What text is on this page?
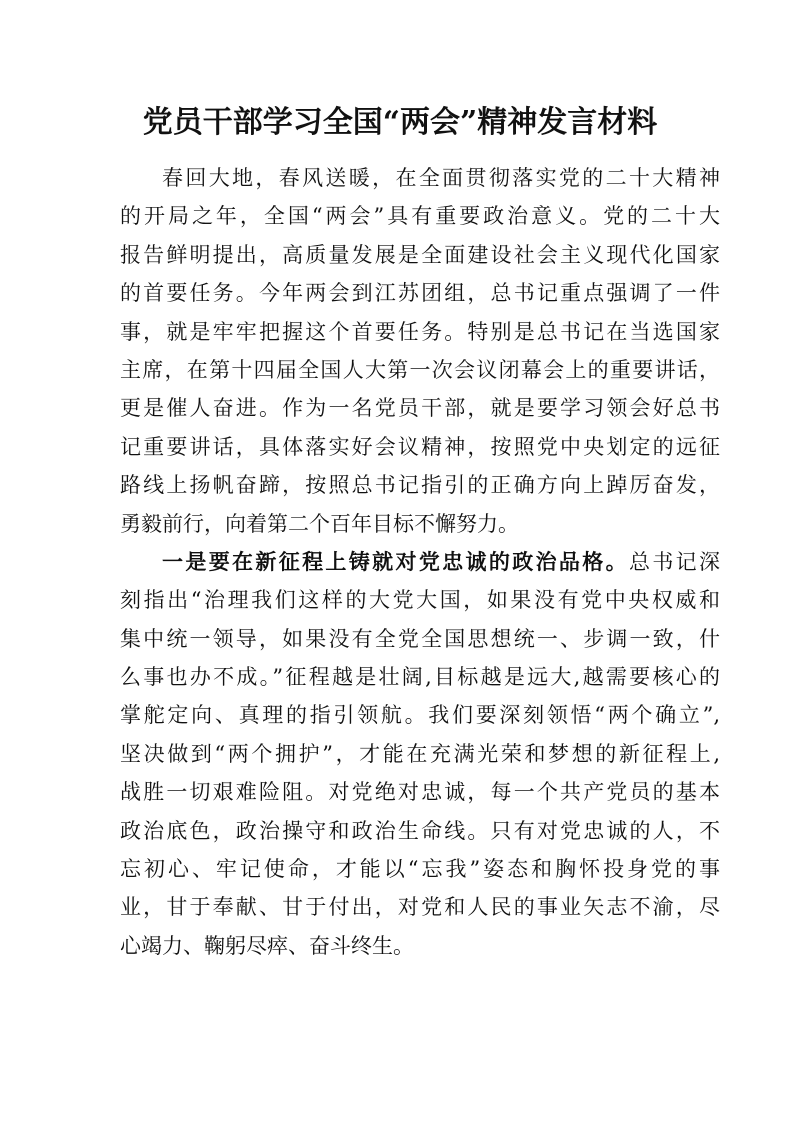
党员干部学习全国“两会”精神发言材料
春回大地，春风送暖，在全面贯彻落实党的二十大精神
的开局之年，全国“两会”具有重要政治意义。党的二十大
报告鲜明提出，高质量发展是全面建设社会主义现代化国家
的首要任务。今年两会到江苏团组，总书记重点强调了一件
事，就是牢牢把握这个首要任务。特别是总书记在当选国家
主席，在第十四届全国人大第一次会议闭幕会上的重要讲话，
更是催人奋进。作为一名党员干部，就是要学习领会好总书
记重要讲话，具体落实好会议精神，按照党中央划定的远征
路线上扬帆奋蹄，按照总书记指引的正确方向上踔厉奋发，
勇毅前行，向着第二个百年目标不懈努力。
一是要在新征程上铸就对党忠诚的政治品格。总书记深
刻指出“治理我们这样的大党大国，如果没有党中央权威和
集中统一领导，如果没有全党全国思想统一、步调一致，什
么事也办不成。”征程越是壮阔,目标越是远大,越需要核心的
掌舵定向、真理的指引领航。我们要深刻领悟“两个确立”,
坚决做到“两个拥护”，才能在充满光荣和梦想的新征程上,
战胜一切艰难险阻。对党绝对忠诚，每一个共产党员的基本
政治底色，政治操守和政治生命线。只有对党忠诚的人，不
忘初心、牢记使命，才能以“忘我”姿态和胸怀投身党的事
业，甘于奉献、甘于付出，对党和人民的事业矢志不渝，尽
心竭力、鞠躬尽瘁、奋斗终生。
